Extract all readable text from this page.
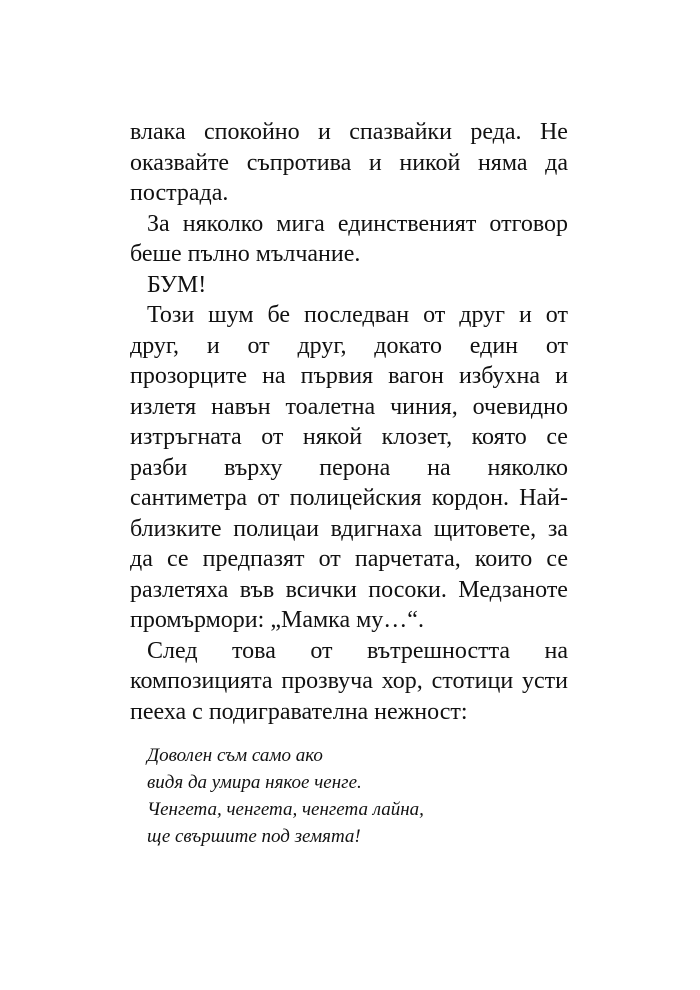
влака спокойно и спазвайки реда. Не
оказвайте съпротива и никой няма да
пострада.
За няколко мига единственият отговор
беше пълно мълчание.
БУМ!
Този шум бе последван от друг и от
друг, и от друг, докато един от
прозорците на първия вагон избухна и
излетя навън тоалетна чиния, очевидно
изтръгната от някой клозет, която се
разби върху перона на няколко
сантиметра от полицейския кордон. Най-
близките полицаи вдигнаха щитовете, за
да се предпазят от парчетата, които се
разлетяха във всички посоки. Медзаноте
промърмори: „Мамка му…“.
След това от вътрешността на
композицията прозвуча хор, стотици усти
пееха с подигравателна нежност:
Доволен съм само ако
видя да умира някое ченге.
Ченгета, ченгета, ченгета лайна,
ще свършите под земята!
